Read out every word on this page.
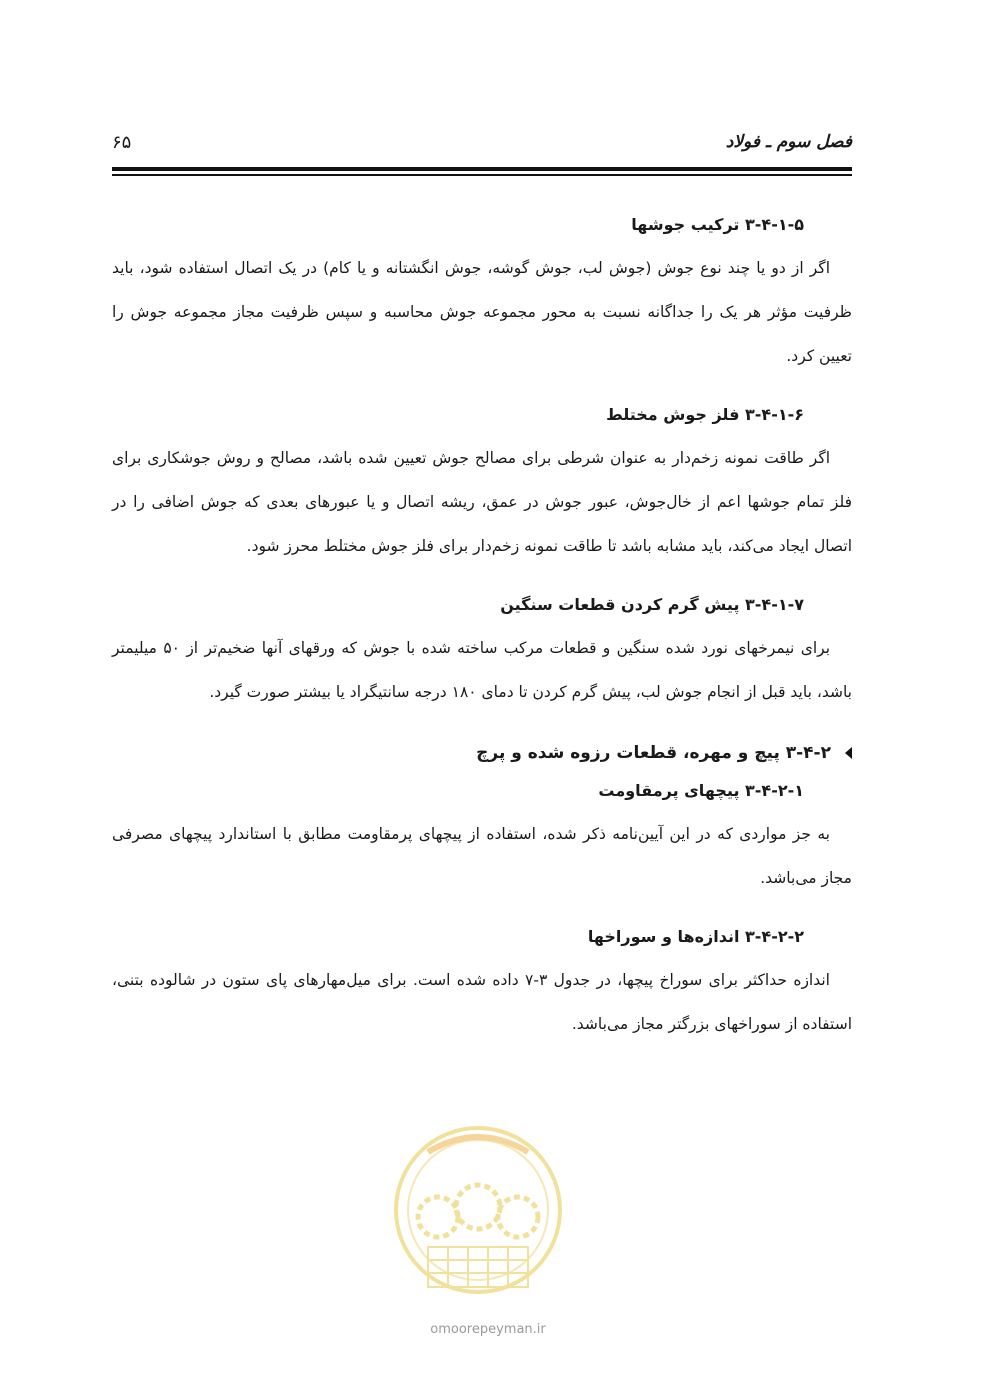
فصل سوم ـ فولاد
۶۵
۳-۴-۱-۵ ترکیب جوشها

اگر از دو یا چند نوع جوش (جوش لب، جوش گوشه، جوش انگشتانه و یا کام) در یک اتصال استفاده شود، باید ظرفیت مؤثر هر یک را جداگانه نسبت به محور مجموعه جوش محاسبه و سپس ظرفیت مجاز مجموعه جوش را تعیین کرد.

۳-۴-۱-۶ فلز جوش مختلط

اگر طاقت نمونه زخم‌دار به عنوان شرطی برای مصالح جوش تعیین شده باشد، مصالح و روش جوشکاری برای فلز تمام جوشها اعم از خال‌جوش، عبور جوش در عمق، ریشه اتصال و یا عبورهای بعدی که جوش اضافی را در اتصال ایجاد می‌کند، باید مشابه باشد تا طاقت نمونه زخم‌دار برای فلز جوش مختلط محرز شود.

۳-۴-۱-۷ پیش گرم کردن قطعات سنگین

برای نیمرخهای نورد شده سنگین و قطعات مرکب ساخته شده با جوش که ورقهای آنها ضخیم‌تر از ۵۰ میلیمتر باشد، باید قبل از انجام جوش لب، پیش گرم کردن تا دمای ۱۸۰ درجه سانتیگراد یا بیشتر صورت گیرد.

۳-۴-۲ پیچ و مهره، قطعات رزوه شده و پرچ
۳-۴-۲-۱ پیچهای پرمقاومت

به جز مواردی که در این آیین‌نامه ذکر شده، استفاده از پیچهای پرمقاومت مطابق با استاندارد پیچهای مصرفی مجاز می‌باشد.

۳-۴-۲-۲ اندازه‌ها و سوراخها

اندازه حداکثر برای سوراخ پیچها، در جدول ۳-۷ داده شده است. برای میل‌مهارهای پای ستون در شالوده بتنی، استفاده از سوراخهای بزرگتر مجاز می‌باشد.

omoorepeyman.ir
